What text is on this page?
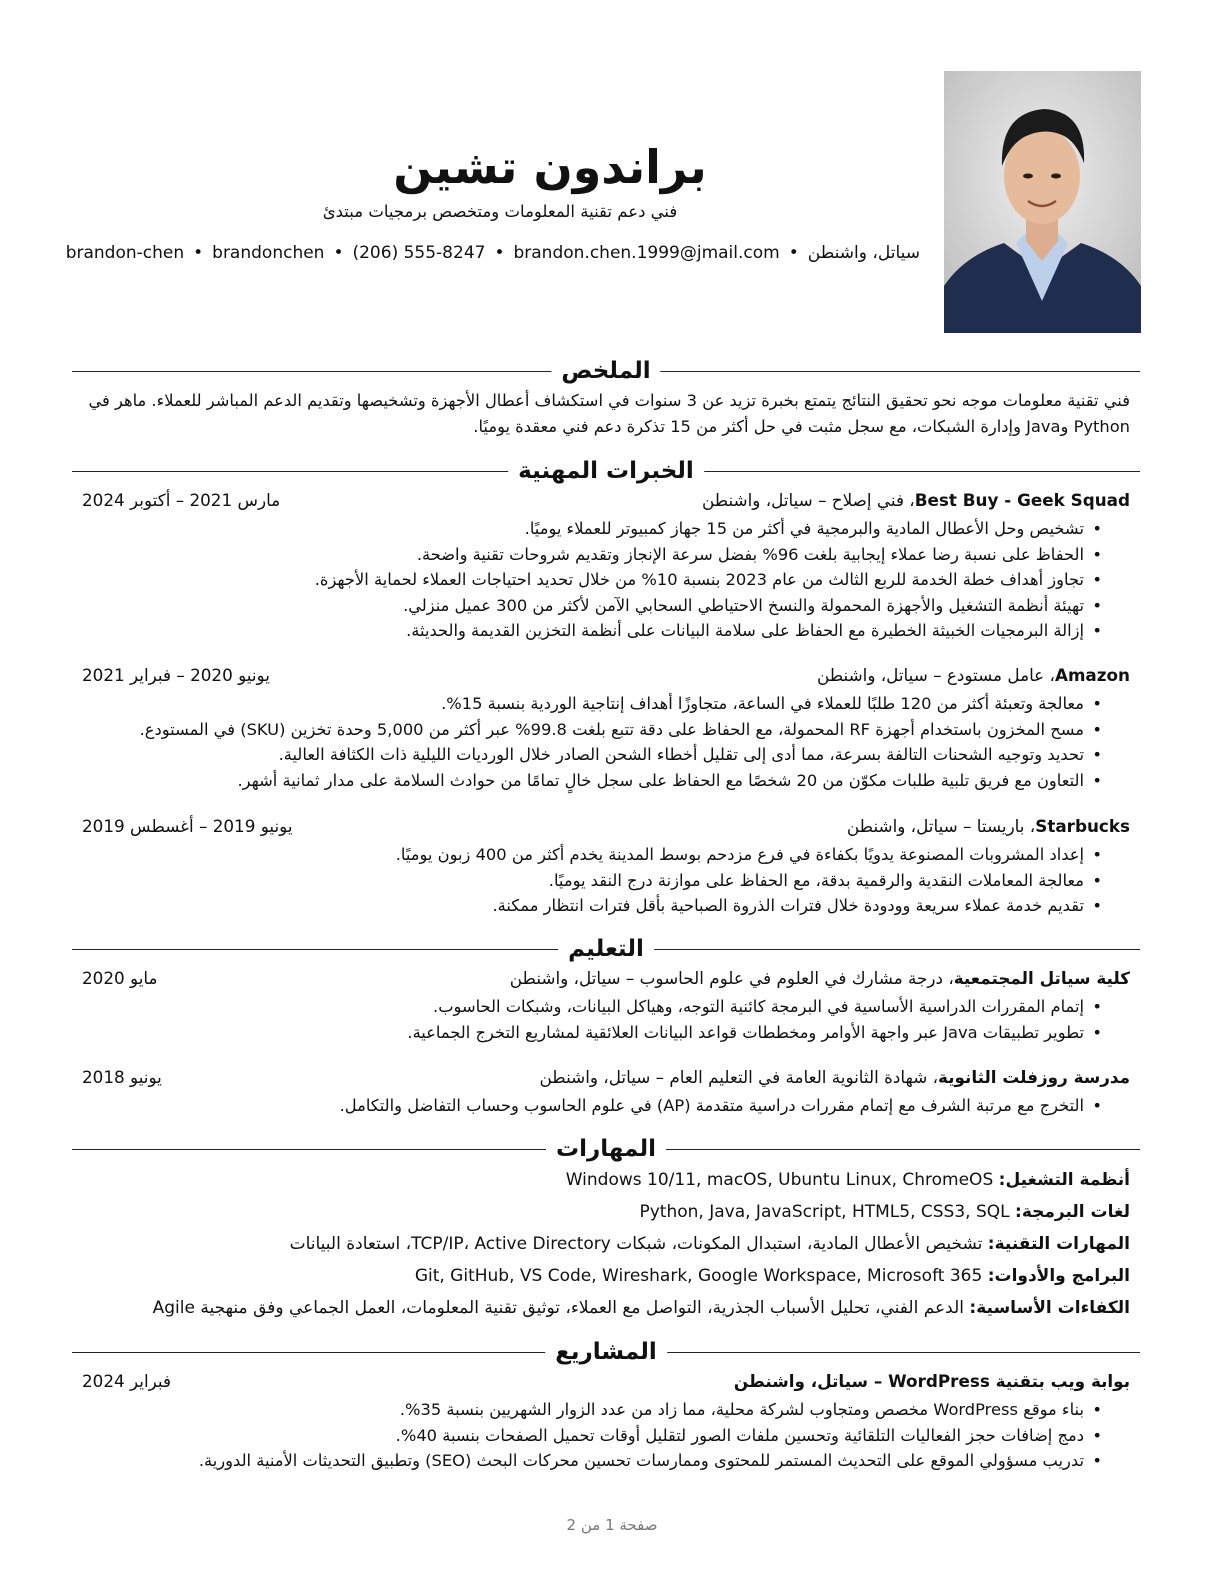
براندون تشين
فني دعم تقنية المعلومات ومتخصص برمجيات مبتدئ
سياتل، واشنطن•brandon.chen.1999@jmail.com•(206) 555-8247•brandonchen•brandon-chen
الملخص
فني تقنية معلومات موجه نحو تحقيق النتائج يتمتع بخبرة تزيد عن 3 سنوات في استكشاف أعطال الأجهزة وتشخيصها وتقديم الدعم المباشر للعملاء. ماهر في Python وJava وإدارة الشبكات، مع سجل مثبت في حل أكثر من 15 تذكرة دعم فني معقدة يوميًا.
الخبرات المهنية
Best Buy - Geek Squad، فني إصلاح – سياتل، واشنطن
مارس 2021 – أكتوبر 2024
• تشخيص وحل الأعطال المادية والبرمجية في أكثر من 15 جهاز كمبيوتر للعملاء يوميًا.
• الحفاظ على نسبة رضا عملاء إيجابية بلغت 96% بفضل سرعة الإنجاز وتقديم شروحات تقنية واضحة.
• تجاوز أهداف خطة الخدمة للربع الثالث من عام 2023 بنسبة 10% من خلال تحديد احتياجات العملاء لحماية الأجهزة.
• تهيئة أنظمة التشغيل والأجهزة المحمولة والنسخ الاحتياطي السحابي الآمن لأكثر من 300 عميل منزلي.
• إزالة البرمجيات الخبيثة الخطيرة مع الحفاظ على سلامة البيانات على أنظمة التخزين القديمة والحديثة.
Amazon، عامل مستودع – سياتل، واشنطن
يونيو 2020 – فبراير 2021
• معالجة وتعبئة أكثر من 120 طلبًا للعملاء في الساعة، متجاوزًا أهداف إنتاجية الوردية بنسبة 15%.
• مسح المخزون باستخدام أجهزة RF المحمولة، مع الحفاظ على دقة تتبع بلغت 99.8% عبر أكثر من 5,000 وحدة تخزين (SKU) في المستودع.
• تحديد وتوجيه الشحنات التالفة بسرعة، مما أدى إلى تقليل أخطاء الشحن الصادر خلال الورديات الليلية ذات الكثافة العالية.
• التعاون مع فريق تلبية طلبات مكوّن من 20 شخصًا مع الحفاظ على سجل خالٍ تمامًا من حوادث السلامة على مدار ثمانية أشهر.
Starbucks، باريستا – سياتل، واشنطن
يونيو 2019 – أغسطس 2019
• إعداد المشروبات المصنوعة يدويًا بكفاءة في فرع مزدحم بوسط المدينة يخدم أكثر من 400 زبون يوميًا.
• معالجة المعاملات النقدية والرقمية بدقة، مع الحفاظ على موازنة درج النقد يوميًا.
• تقديم خدمة عملاء سريعة وودودة خلال فترات الذروة الصباحية بأقل فترات انتظار ممكنة.
التعليم
كلية سياتل المجتمعية، درجة مشارك في العلوم في علوم الحاسوب – سياتل، واشنطن
مايو 2020
• إتمام المقررات الدراسية الأساسية في البرمجة كائنية التوجه، وهياكل البيانات، وشبكات الحاسوب.
• تطوير تطبيقات Java عبر واجهة الأوامر ومخططات قواعد البيانات العلائقية لمشاريع التخرج الجماعية.
مدرسة روزفلت الثانوية، شهادة الثانوية العامة في التعليم العام – سياتل، واشنطن
يونيو 2018
• التخرج مع مرتبة الشرف مع إتمام مقررات دراسية متقدمة (AP) في علوم الحاسوب وحساب التفاضل والتكامل.
المهارات
أنظمة التشغيل: Windows 10/11, macOS, Ubuntu Linux, ChromeOS
لغات البرمجة: Python, Java, JavaScript, HTML5, CSS3, SQL
المهارات التقنية: تشخيص الأعطال المادية، استبدال المكونات، شبكات TCP/IP، Active Directory، استعادة البيانات
البرامج والأدوات: Git, GitHub, VS Code, Wireshark, Google Workspace, Microsoft 365
الكفاءات الأساسية: الدعم الفني، تحليل الأسباب الجذرية، التواصل مع العملاء، توثيق تقنية المعلومات، العمل الجماعي وفق منهجية Agile
المشاريع
بوابة ويب بتقنية WordPress – سياتل، واشنطن
فبراير 2024
• بناء موقع WordPress مخصص ومتجاوب لشركة محلية، مما زاد من عدد الزوار الشهريين بنسبة 35%.
• دمج إضافات حجز الفعاليات التلقائية وتحسين ملفات الصور لتقليل أوقات تحميل الصفحات بنسبة 40%.
• تدريب مسؤولي الموقع على التحديث المستمر للمحتوى وممارسات تحسين محركات البحث (SEO) وتطبيق التحديثات الأمنية الدورية.
صفحة 1 من 2
